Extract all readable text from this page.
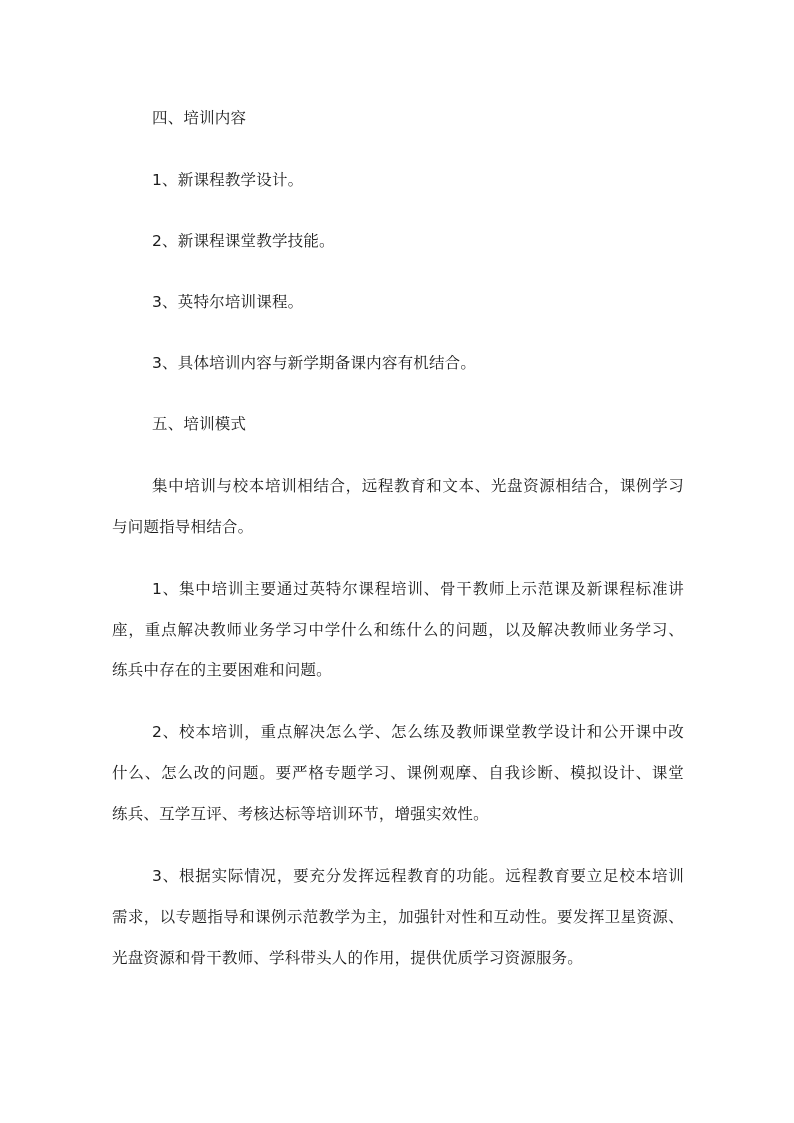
四、培训内容
1、新课程教学设计。
2、新课程课堂教学技能。
3、英特尔培训课程。
3、具体培训内容与新学期备课内容有机结合。
五、培训模式
集中培训与校本培训相结合，远程教育和文本、光盘资源相结合，课例学习
与问题指导相结合。
1、集中培训主要通过英特尔课程培训、骨干教师上示范课及新课程标准讲
座，重点解决教师业务学习中学什么和练什么的问题，以及解决教师业务学习、
练兵中存在的主要困难和问题。
2、校本培训，重点解决怎么学、怎么练及教师课堂教学设计和公开课中改
什么、怎么改的问题。要严格专题学习、课例观摩、自我诊断、模拟设计、课堂
练兵、互学互评、考核达标等培训环节，增强实效性。
3、根据实际情况，要充分发挥远程教育的功能。远程教育要立足校本培训
需求，以专题指导和课例示范教学为主，加强针对性和互动性。要发挥卫星资源、
光盘资源和骨干教师、学科带头人的作用，提供优质学习资源服务。
